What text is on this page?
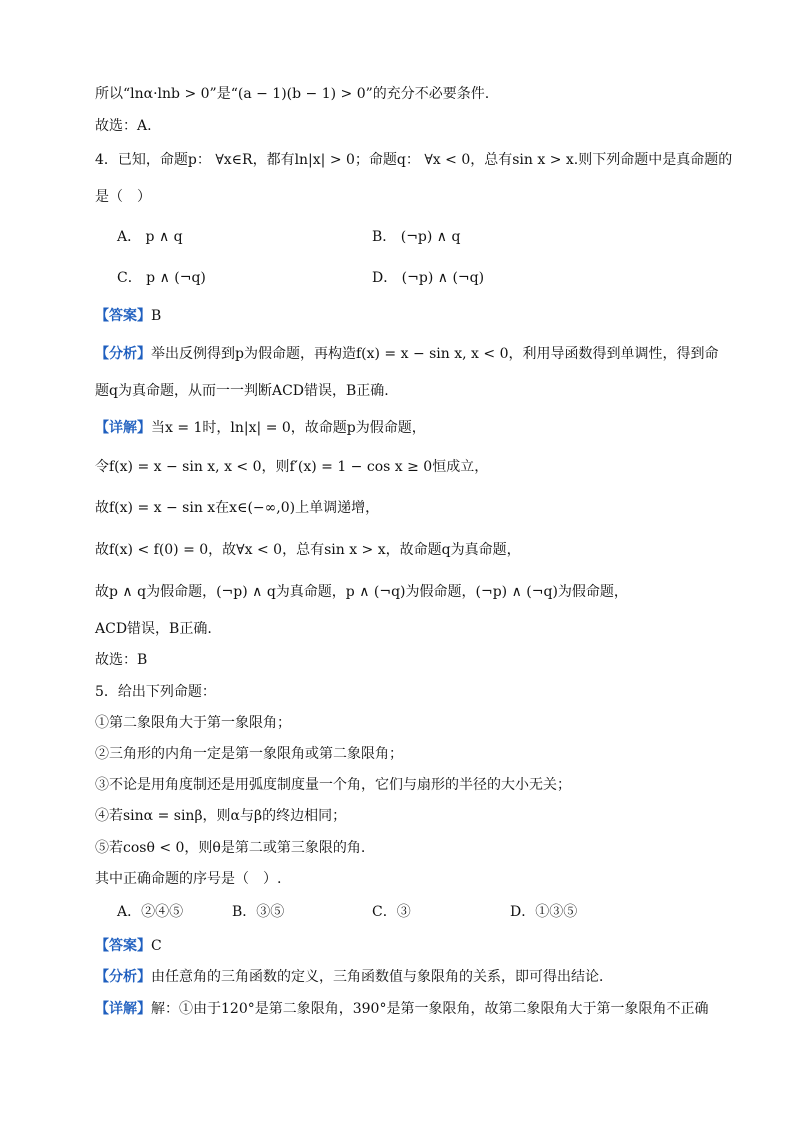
所以“lnα·lnb > 0”是“(a − 1)(b − 1) > 0”的充分不必要条件.
故选：A.
4．已知，命题p： ∀x∈R，都有ln|x| > 0；命题q： ∀x < 0，总有sin x > x.则下列命题中是真命题的
是（　）
A． p ∧ q	B． (¬p) ∧ q
C． p ∧ (¬q)	D． (¬p) ∧ (¬q)
【答案】B
【分析】举出反例得到p为假命题，再构造f(x) = x − sin x, x < 0，利用导函数得到单调性，得到命
题q为真命题，从而一一判断ACD错误，B正确.
【详解】当x = 1时，ln|x| = 0，故命题p为假命题，
令f(x) = x − sin x, x < 0，则f′(x) = 1 − cos x ≥ 0恒成立，
故f(x) = x − sin x在x∈(−∞,0)上单调递增，
故f(x) < f(0) = 0，故∀x < 0，总有sin x > x，故命题q为真命题，
故p ∧ q为假命题，(¬p) ∧ q为真命题，p ∧ (¬q)为假命题，(¬p) ∧ (¬q)为假命题，
ACD错误，B正确.
故选：B
5．给出下列命题：
①第二象限角大于第一象限角；
②三角形的内角一定是第一象限角或第二象限角；
③不论是用角度制还是用弧度制度量一个角，它们与扇形的半径的大小无关；
④若sinα = sinβ，则α与β的终边相同；
⑤若cosθ < 0，则θ是第二或第三象限的角.
其中正确命题的序号是（　）.
A．②④⑤	B．③⑤	C．③	D．①③⑤
【答案】C
【分析】由任意角的三角函数的定义，三角函数值与象限角的关系，即可得出结论．
【详解】解：①由于120°是第二象限角，390°是第一象限角，故第二象限角大于第一象限角不正确
